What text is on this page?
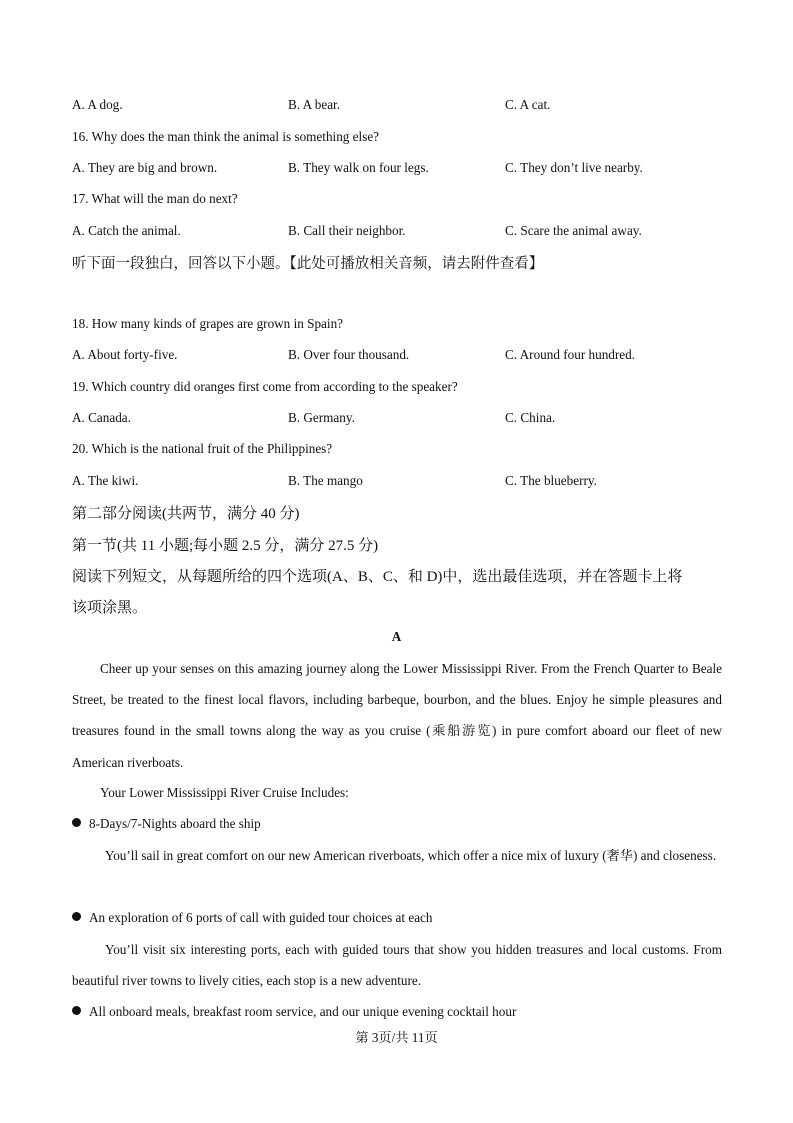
A. A dog.	B. A bear.	C. A cat.
16. Why does the man think the animal is something else?
A. They are big and brown.	B. They walk on four legs.	C. They don’t live nearby.
17. What will the man do next?
A. Catch the animal.	B. Call their neighbor.	C. Scare the animal away.
听下面一段独白，回答以下小题。【此处可播放相关音频，请去附件查看】
18. How many kinds of grapes are grown in Spain?
A. About forty-five.	B. Over four thousand.	C. Around four hundred.
19. Which country did oranges first come from according to the speaker?
A. Canada.	B. Germany.	C. China.
20. Which is the national fruit of the Philippines?
A. The kiwi.	B. The mango	C. The blueberry.
第二部分阅读(共两节，满分 40 分)
第一节(共 11 小题;每小题 2.5 分，满分 27.5 分)
阅读下列短文，从每题所给的四个选项(A、B、C、和 D)中，选出最佳选项，并在答题卡上将
该项涂黑。
A
Cheer up your senses on this amazing journey along the Lower Mississippi River. From the French Quarter to Beale Street, be treated to the finest local flavors, including barbeque, bourbon, and the blues. Enjoy he simple pleasures and treasures found in the small towns along the way as you cruise (乘船游览) in pure comfort aboard our fleet of new American riverboats.
Your Lower Mississippi River Cruise Includes:
8-Days/7-Nights aboard the ship
You’ll sail in great comfort on our new American riverboats, which offer a nice mix of luxury (奢华) and closeness.
An exploration of 6 ports of call with guided tour choices at each
You’ll visit six interesting ports, each with guided tours that show you hidden treasures and local customs. From beautiful river towns to lively cities, each stop is a new adventure.
All onboard meals, breakfast room service, and our unique evening cocktail hour
第 3页/共 11页
